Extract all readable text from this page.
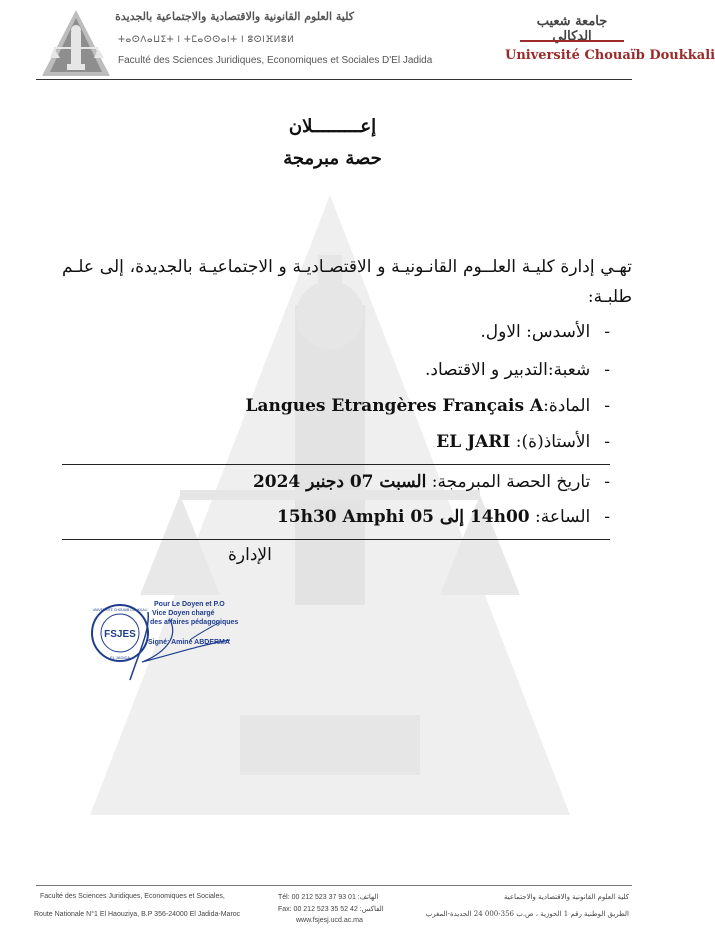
كلية العلوم القانونية والاقتصادية والاجتماعية بالجديدة
ⵜⴰⵙⴷⴰⵡⵉⵜ ⵏ ⵜⵎⴰⵙⵙⴰⵏⵜ ⵏ ⵓⵙⵏⴼⵍⵓⵍ
Faculté des Sciences Juridiques, Economiques et Sociales D'El Jadida
جامعة شعيب الدكالي
Université Chouaïb Doukkali
إعـــــــــلان
حصة مبرمجة
تهـي إدارة كليـة العلــوم القانـونيـة و الاقتصـاديـة و الاجتماعيـة بالجديدة، إلى علـم طلبـة:
-الأسدس: الاول.
-شعبة:التدبير و الاقتصاد.
-المادة:Langues Etrangères Français A
-الأستاذ(ة): EL JARI
-تاريخ الحصة المبرمجة: السبت 07 دجنبر 2024
-الساعة: 14h00 إلى 15h30 Amphi 05
الإدارة
FSJES
UNIVERSITE CHOUAIB DOUKKALI
EL JADIDA
Pour Le Doyen et P.O
Vice Doyen chargé
des affaires pédagogiques
Signé: Amine ABDERMA
Faculté des Sciences Juridiques, Economiques et Sociales,
Route Nationale N°1 El Haouziya, B.P 356-24000 El Jadida-Maroc
Tél: 00 212 523 37 93 01 :الهاتف
Fax: 00 212 523 35 52 42 :الفاكس
www.fsjesj.ucd.ac.ma
كلية العلوم القانونية والاقتصادية والاجتماعية
الطريق الوطنية رقم 1 الحوزية ، ص.ب 356-000 24 الجديدة-المغرب
